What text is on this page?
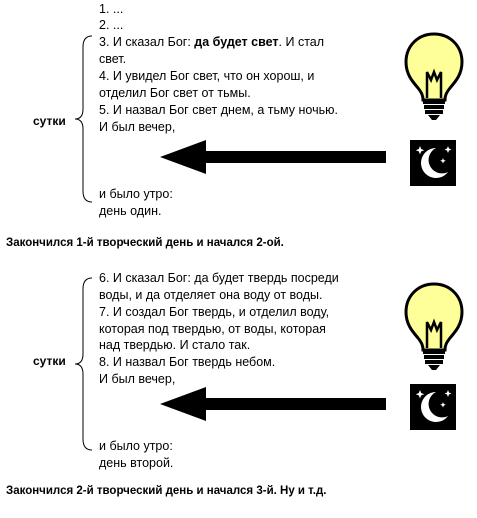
1. ...
2. ...
3. И сказал Бог: да будет свет. И стал
свет.
4. И увидел Бог свет, что он хорош, и
отделил Бог свет от тьмы.
5. И назвал Бог свет днем, а тьму ночью.
И был вечер,
и было утро:
день один.
сутки
Закончился 1-й творческий день и начался 2-ой.
6. И сказал Бог: да будет твердь посреди
воды, и да отделяет она воду от воды.
7. И создал Бог твердь, и отделил воду,
которая под твердью, от воды, которая
над твердью. И стало так.
8. И назвал Бог твердь небом.
И был вечер,
и было утро:
день второй.
сутки
Закончился 2-й творческий день и начался 3-й. Ну и т.д.
